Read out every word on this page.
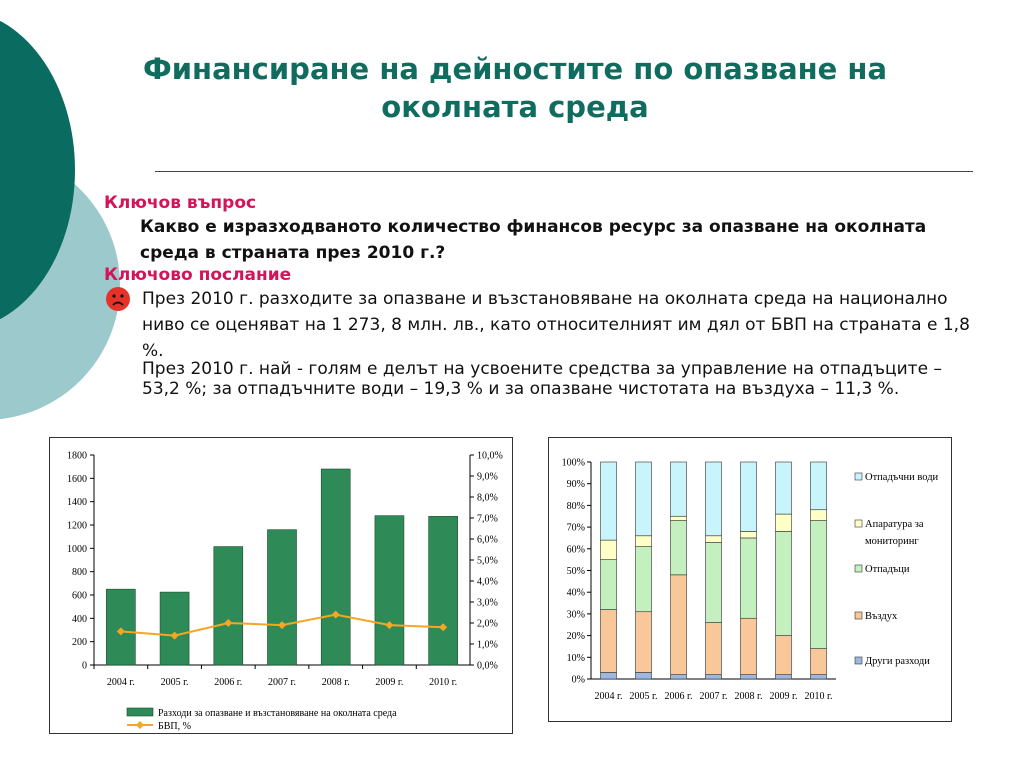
Финансиране на дейностите по опазване на околната среда
Ключов въпрос
Какво е изразходваното количество финансов ресурс за опазване на околната среда в страната през 2010 г.?
Ключово послание
През 2010 г. разходите за опазване и възстановяване на околната среда на национално ниво се оценяват на 1 273, 8 млн. лв., като относителният им дял от БВП на страната е 1,8 %.
През 2010 г. най - голям е делът на усвоените средства за управление на отпадъците – 53,2 %; за отпадъчните води – 19,3 % и за опазване чистотата на въздуха – 11,3 %.
0
200
400
600
800
1000
1200
1400
1600
1800
0,0%
1,0%
2,0%
3,0%
4,0%
5,0%
6,0%
7,0%
8,0%
9,0%
10,0%
2004 г.	2005 г.	2006 г.	2007 г.	2008 г.	2009 г.	2010 г.
Разходи за опазване и възстановяване на околната среда
БВП, %
0%
10%
20%
30%
40%
50%
60%
70%
80%
90%
100%
2004 г. 2005 г. 2006 г. 2007 г. 2008 г. 2009 г. 2010 г.
Отпадъчни води
Апаратура за
мониторинг
Отпадъци
Въздух
Други разходи
